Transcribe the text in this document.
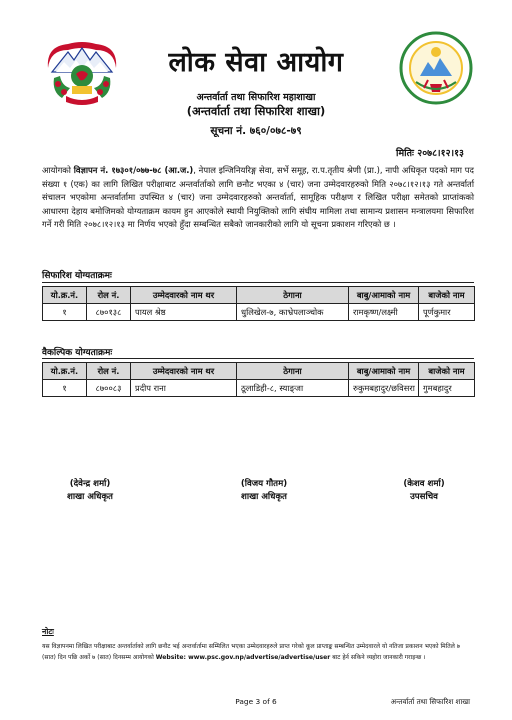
लोक सेवा आयोग
अन्तर्वार्ता तथा सिफारिश महाशाखा
(अन्तर्वार्ता तथा सिफारिश शाखा)
सूचना नं. ७६०/०७८-७९
मितिः २०७८।१२।१३
आयोगको विज्ञापन नं. १७३०१/०७७-७८ (आ.ज.), नेपाल इन्जिनियरिङ्ग सेवा, सर्भे समूह, रा.प.तृतीय श्रेणी (प्रा.), नापी अधिकृत पदको माग पद संख्या १ (एक) का लागि लिखित परीक्षाबाट अन्तर्वार्ताको लागि छनौट भएका ४ (चार) जना उम्मेदवारहरुको मिति २०७८।१२।१३ गते अन्तर्वार्ता संचालन भएकोमा अन्तर्वार्तामा उपस्थित ४ (चार) जना उम्मेदवारहरुको अन्तर्वार्ता, सामूहिक परीक्षण र लिखित परीक्षा समेतको प्राप्तांकको आधारमा देहाय बमोजिमको योग्यताक्रम कायम हुन आएकोले स्थायी नियुक्तिको लागि संघीय मामिला तथा सामान्य प्रशासन मन्त्रालयमा सिफारिश गर्ने गरी मिति २०७८।१२।१३ मा निर्णय भएको हुँदा सम्बन्धित सबैको जानकारीको लागि यो सूचना प्रकाशन गरिएको छ ।
सिफारिश योग्यताक्रमः
यो.क्र.नं.	रोल नं.	उम्मेदवारको नाम थर	ठेगाना	बाबु/आमाको नाम	बाजेको नाम
१	८७०१३८	पायल श्रेष्ठ	धुलिखेल-७, काभ्रेपलाञ्चोक	रामकृष्ण/लक्ष्मी	पूर्णकुमार
वैकल्पिक योग्यताक्रमः
यो.क्र.नं.	रोल नं.	उम्मेदवारको नाम थर	ठेगाना	बाबु/आमाको नाम	बाजेको नाम
१	८७००८३	प्रदीप राना	ठूलाडिही-८, स्याङ्जा	रुकुमबहादुर/छविसरा	गुमबहादुर
(देवेन्द्र शर्मा)
शाखा अधिकृत
(विजय गौतम)
शाखा अधिकृत
(केशव शर्मा)
उपसचिव
नोटः
यस विज्ञापनमा लिखित परीक्षाबाट अन्तर्वार्ताको लागि छनौट भई अन्तर्वार्तामा सम्मिलित भएका उम्मेदवारहरुले प्राप्त गरेको कूल प्राप्ताङ्क सम्बन्धित उम्मेदवारले यो नतिजा प्रकाशन भएको मितिले ७ (सात) दिन पछि अर्को ७ (सात) दिनसम्म आयोगको Website: www.psc.gov.np/advertise/advertise/user बाट हेर्न सकिने व्यहोरा जानकारी गराइन्छ ।
Page 3 of 6	अन्तर्वार्ता तथा सिफारिश शाखा
